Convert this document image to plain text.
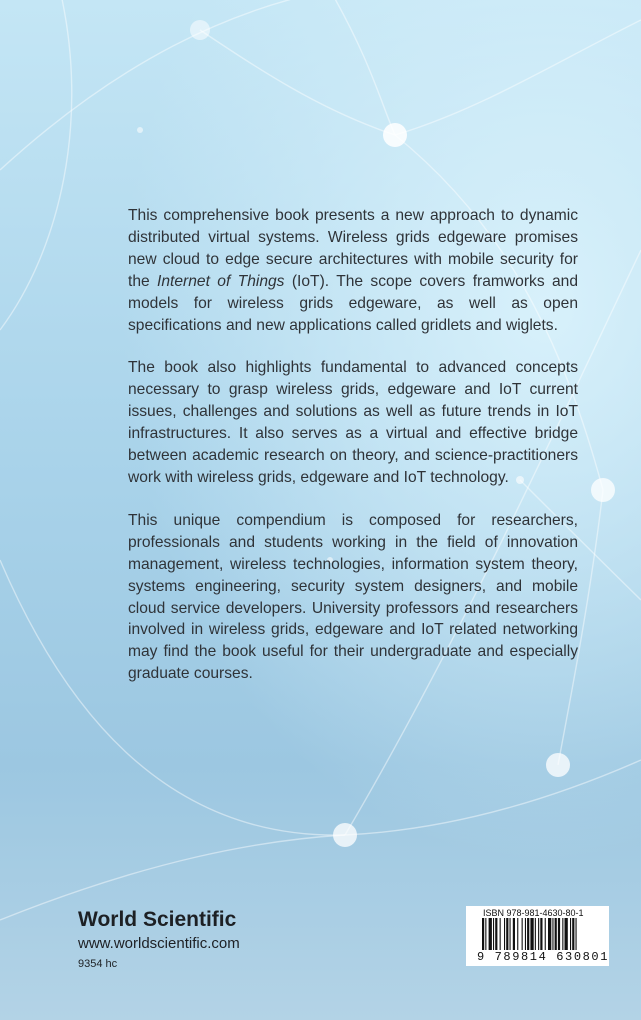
This comprehensive book presents a new approach to dynamic distributed virtual systems. Wireless grids edgeware promises new cloud to edge secure architectures with mobile security for the Internet of Things (IoT). The scope covers framworks and models for wireless grids edgeware, as well as open specifications and new applications called gridlets and wiglets.

The book also highlights fundamental to advanced concepts necessary to grasp wireless grids, edgeware and IoT current issues, challenges and solutions as well as future trends in IoT infrastructures. It also serves as a virtual and effective bridge between academic research on theory, and science-practitioners work with wireless grids, edgeware and IoT technology.

This unique compendium is composed for researchers, professionals and students working in the field of innovation management, wireless technologies, information system theory, systems engineering, security system designers, and mobile cloud service developers. University professors and researchers involved in wireless grids, edgeware and IoT related networking may find the book useful for their undergraduate and especially graduate courses.

World Scientific
www.worldscientific.com
9354 hc
ISBN 978-981-4630-80-1
9 789814 630801
